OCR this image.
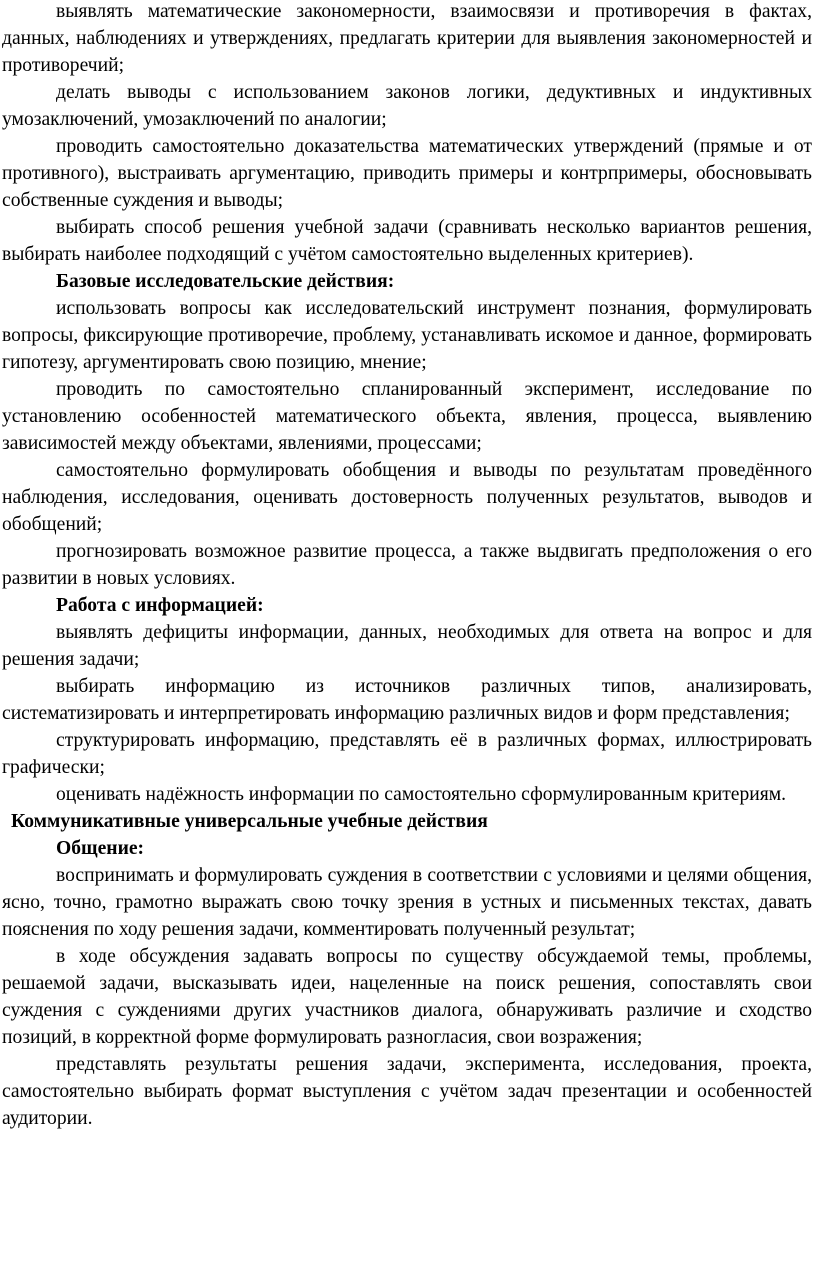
выявлять математические закономерности, взаимосвязи и противоречия в фактах, данных, наблюдениях и утверждениях, предлагать критерии для выявления закономерностей и противоречий;

делать выводы с использованием законов логики, дедуктивных и индуктивных умозаключений, умозаключений по аналогии;

проводить самостоятельно доказательства математических утверждений (прямые и от противного), выстраивать аргументацию, приводить примеры и контрпримеры, обосновывать собственные суждения и выводы;

выбирать способ решения учебной задачи (сравнивать несколько вариантов решения, выбирать наиболее подходящий с учётом самостоятельно выделенных критериев).

Базовые исследовательские действия:

использовать вопросы как исследовательский инструмент познания, формулировать вопросы, фиксирующие противоречие, проблему, устанавливать искомое и данное, формировать гипотезу, аргументировать свою позицию, мнение;

проводить по самостоятельно спланированный эксперимент, исследование по установлению особенностей математического объекта, явления, процесса, выявлению зависимостей между объектами, явлениями, процессами;

самостоятельно формулировать обобщения и выводы по результатам проведённого наблюдения, исследования, оценивать достоверность полученных результатов, выводов и обобщений;

прогнозировать возможное развитие процесса, а также выдвигать предположения о его развитии в новых условиях.

Работа с информацией:

выявлять дефициты информации, данных, необходимых для ответа на вопрос и для решения задачи;

выбирать информацию из источников различных типов, анализировать, систематизировать и интерпретировать информацию различных видов и форм представления;

структурировать информацию, представлять её в различных формах, иллюстрировать графически;

оценивать надёжность информации по самостоятельно сформулированным критериям.

Коммуникативные универсальные учебные действия

Общение:

воспринимать и формулировать суждения в соответствии с условиями и целями общения, ясно, точно, грамотно выражать свою точку зрения в устных и письменных текстах, давать пояснения по ходу решения задачи, комментировать полученный результат;

в ходе обсуждения задавать вопросы по существу обсуждаемой темы, проблемы, решаемой задачи, высказывать идеи, нацеленные на поиск решения, сопоставлять свои суждения с суждениями других участников диалога, обнаруживать различие и сходство позиций, в корректной форме формулировать разногласия, свои возражения;

представлять результаты решения задачи, эксперимента, исследования, проекта, самостоятельно выбирать формат выступления с учётом задач презентации и особенностей аудитории.
